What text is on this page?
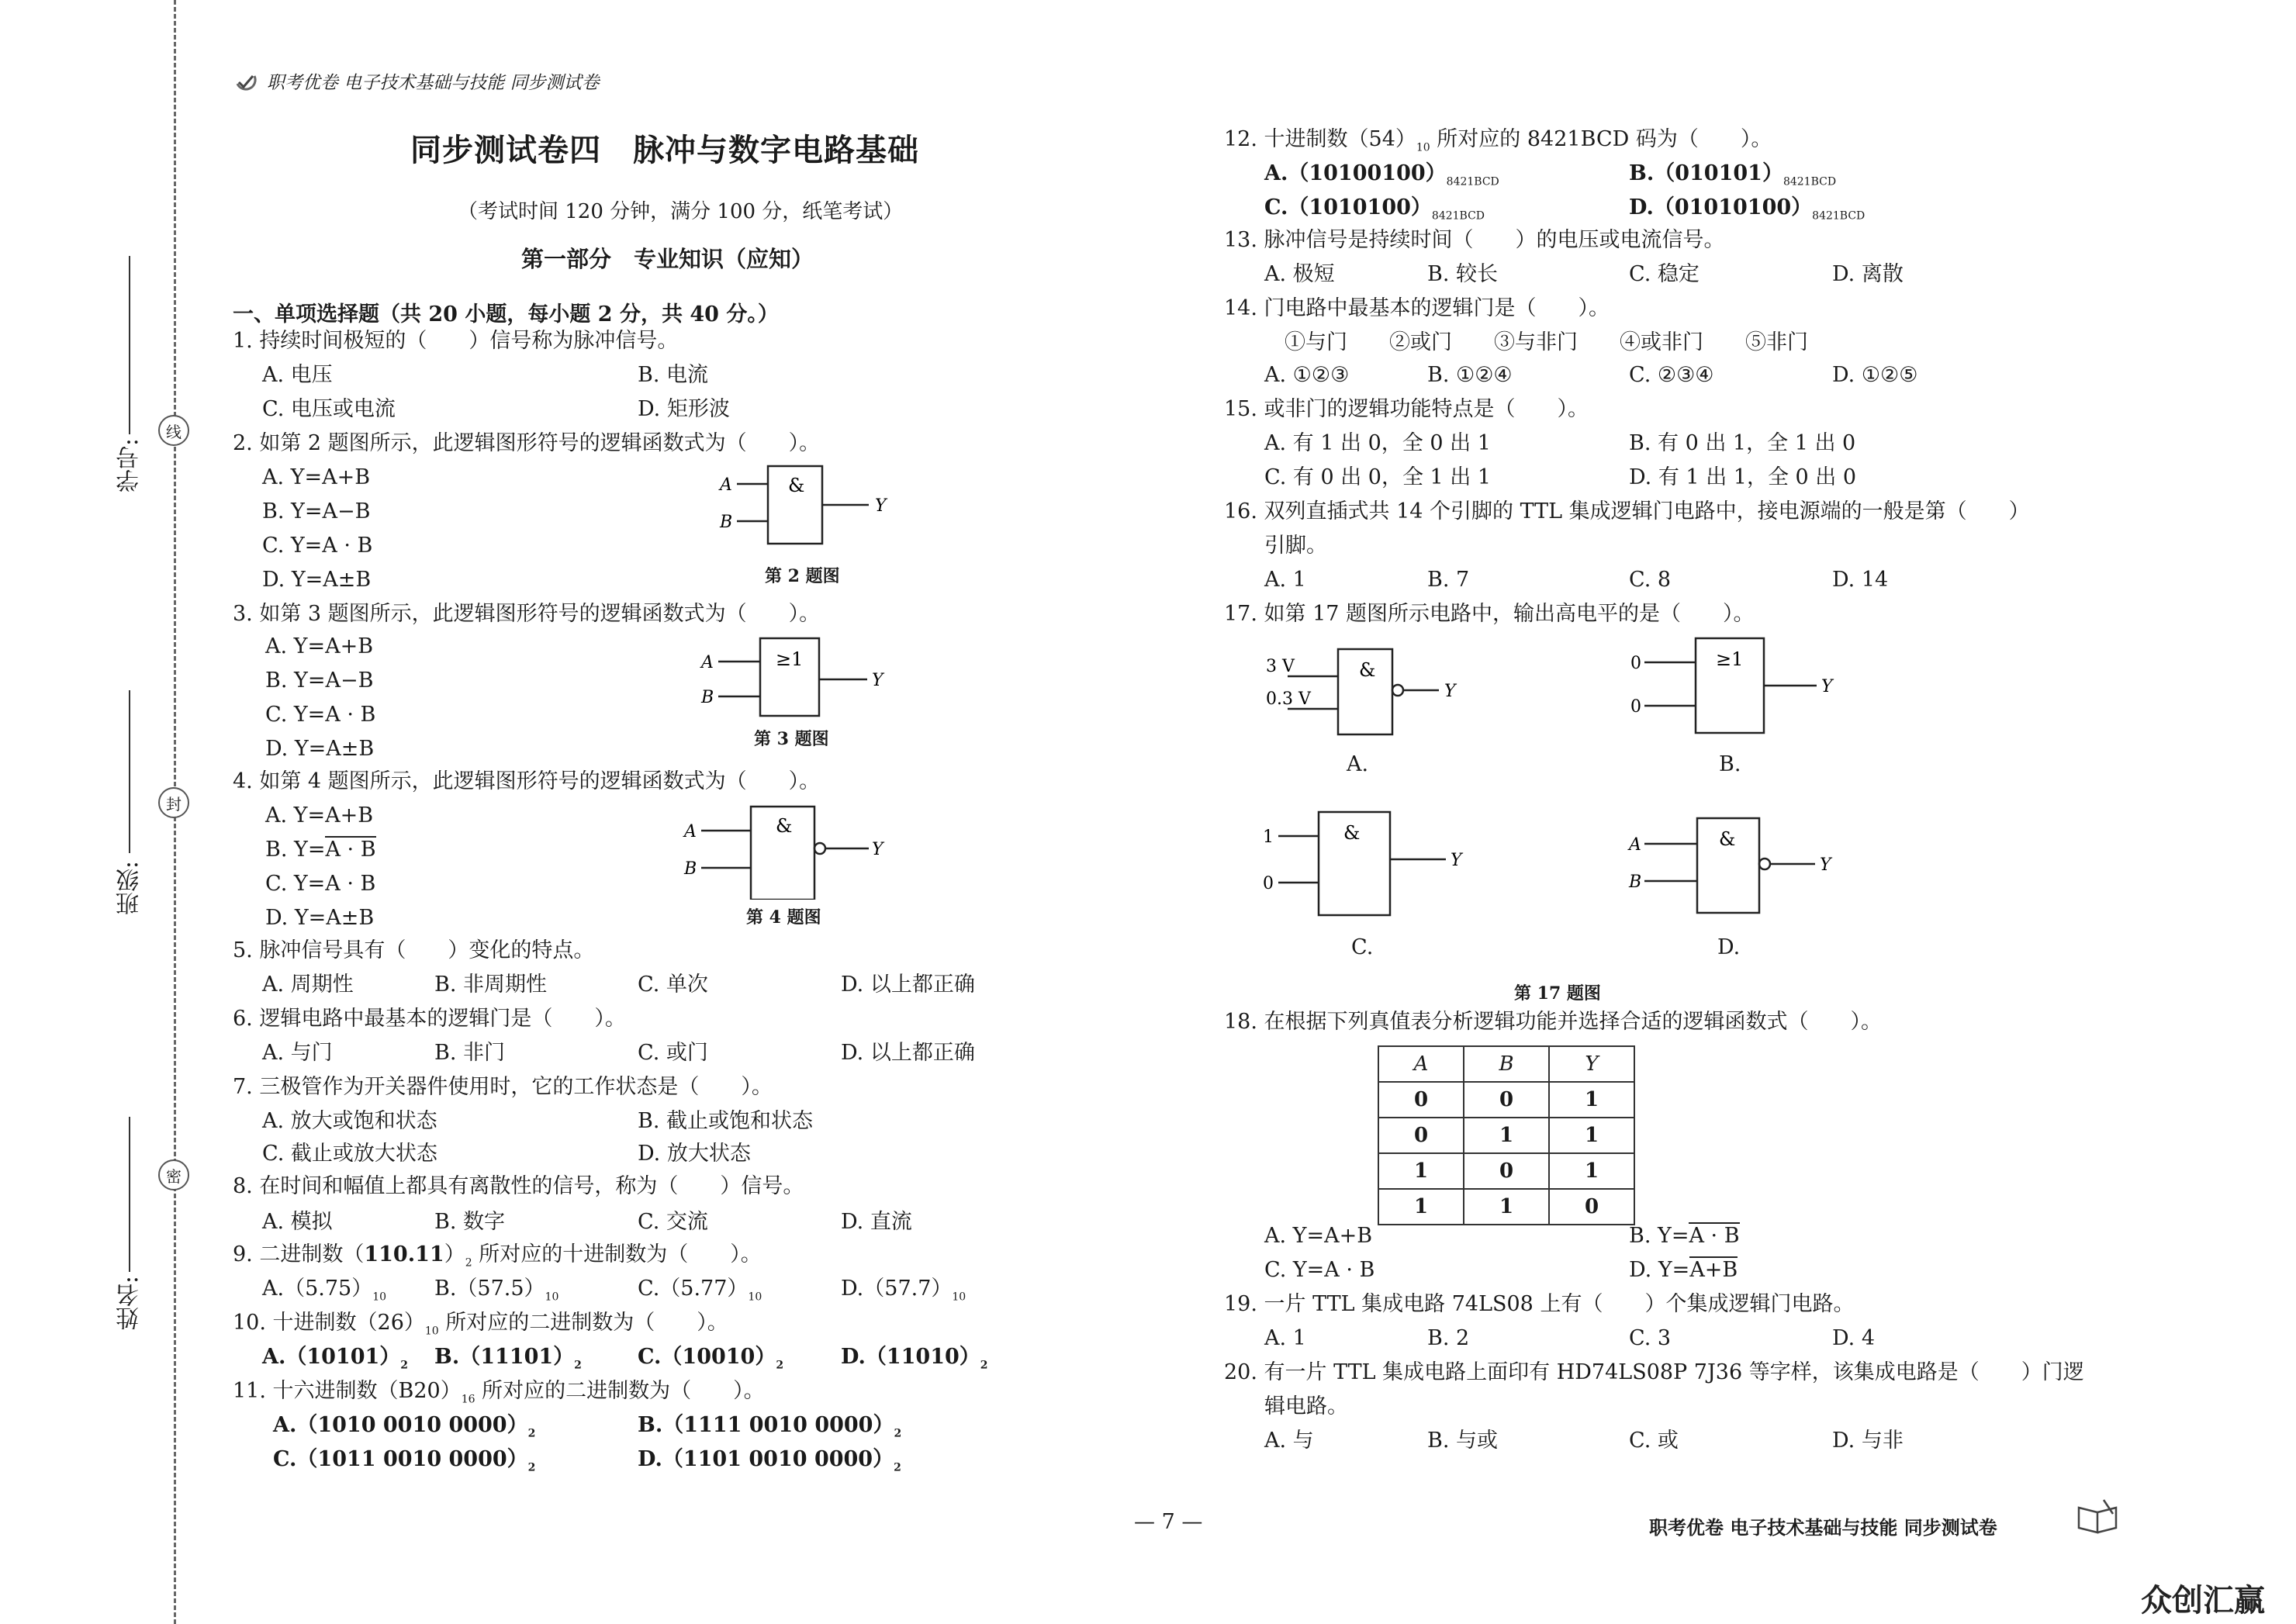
学号:
班级:
姓名:
线
封
密
职考优卷 电子技术基础与技能 同步测试卷
同步测试卷四　脉冲与数字电路基础
（考试时间 120 分钟，满分 100 分，纸笔考试）
第一部分　专业知识（应知）
一、单项选择题（共 20 小题，每小题 2 分，共 40 分。）
1. 持续时间极短的（　　）信号称为脉冲信号。
A. 电压	B. 电流
C. 电压或电流	D. 矩形波
2. 如第 2 题图所示，此逻辑图形符号的逻辑函数式为（　　）。
A. Y=A+B
B. Y=A−B
C. Y=A · B
D. Y=A±B
A
B
Y
&
第 2 题图
3. 如第 3 题图所示，此逻辑图形符号的逻辑函数式为（　　）。
A. Y=A+B
B. Y=A−B
C. Y=A · B
D. Y=A±B
A
B
Y
≥1
第 3 题图
4. 如第 4 题图所示，此逻辑图形符号的逻辑函数式为（　　）。
A. Y=A+B
B. Y=A · B
C. Y=A · B
D. Y=A±B
A
B
Y
&
第 4 题图
5. 脉冲信号具有（　　）变化的特点。
A. 周期性	B. 非周期性	C. 单次	D. 以上都正确
6. 逻辑电路中最基本的逻辑门是（　　）。
A. 与门	B. 非门	C. 或门	D. 以上都正确
7. 三极管作为开关器件使用时，它的工作状态是（　　）。
A. 放大或饱和状态	B. 截止或饱和状态
C. 截止或放大状态	D. 放大状态
8. 在时间和幅值上都具有离散性的信号，称为（　　）信号。
A. 模拟	B. 数字	C. 交流	D. 直流
9. 二进制数$(110.11)_2$ 所对应的十进制数为（　　）。
$A.(5.75)_{10}$ $B.(57.5)_{10}$	$C.(5.77)_{10}$	$D.(57.7)_{10}$
10. 十进制数$(26)_{10}$ 所对应的二进制数为（　　）。
$A.(10101)_2$ $B.(11101)_2$	$C.(10010)_2$	$D.(11010)_2$
11. 十六进制数$(B20)_{16}$ 所对应的二进制数为（　　）。
A.（1010 0010 $0000)_2$	B.（1111 0010 $0000)_2$
C.（1011 0010 $0000)_2$	D.（1101 0010 $0000)_2$
12. 十进制数$(54)_{10}$ 所对应的 8421BCD 码为（　　）。
$A.(10100100)_{8421BCD}$	$B.(010101)_{8421BCD}$
$C.(1010100)_{8421BCD}$	$D.(01010100)_{8421BCD}$
13. 脉冲信号是持续时间（　　）的电压或电流信号。
A. 极短	B. 较长	C. 稳定	D. 离散
14. 门电路中最基本的逻辑门是（　　）。
①与门　　②或门　　③与非门　　④或非门　　⑤非门
A. ①②③	B. ①②④	C. ②③④	D. ①②⑤
15. 或非门的逻辑功能特点是（　　）。
A. 有 1 出 0，全 0 出 1	B. 有 0 出 1，全 1 出 0
C. 有 0 出 0，全 1 出 1	D. 有 1 出 1，全 0 出 0
16. 双列直插式共 14 个引脚的 TTL 集成逻辑门电路中，接电源端的一般是第（　　）
引脚。
A. 1	B. 7	C. 8	D. 14
17. 如第 17 题图所示电路中，输出高电平的是（　　）。
3 V
0.3 V	Y
&
A.
0
0
Y
≥1
B.
1
0
Y
&
C.
A
B
Y
&
D.
第 17 题图
18. 在根据下列真值表分析逻辑功能并选择合适的逻辑函数式（　　）。
A	B	Y
0	0	1
0	1	1
1	0	1
1	1	0
A. Y=A+B	B. Y=A · B
C. Y=A · B	D. Y=A+B
19. 一片 TTL 集成电路 74LS08 上有（　　）个集成逻辑门电路。
A. 1	B. 2	C. 3	D. 4
20. 有一片 TTL 集成电路上面印有 HD74LS08P 7J36 等字样，该集成电路是（　　）门逻
辑电路。
A. 与	B. 与或	C. 或	D. 与非
— 7 —	职考优卷 电子技术基础与技能 同步测试卷
众创汇赢
